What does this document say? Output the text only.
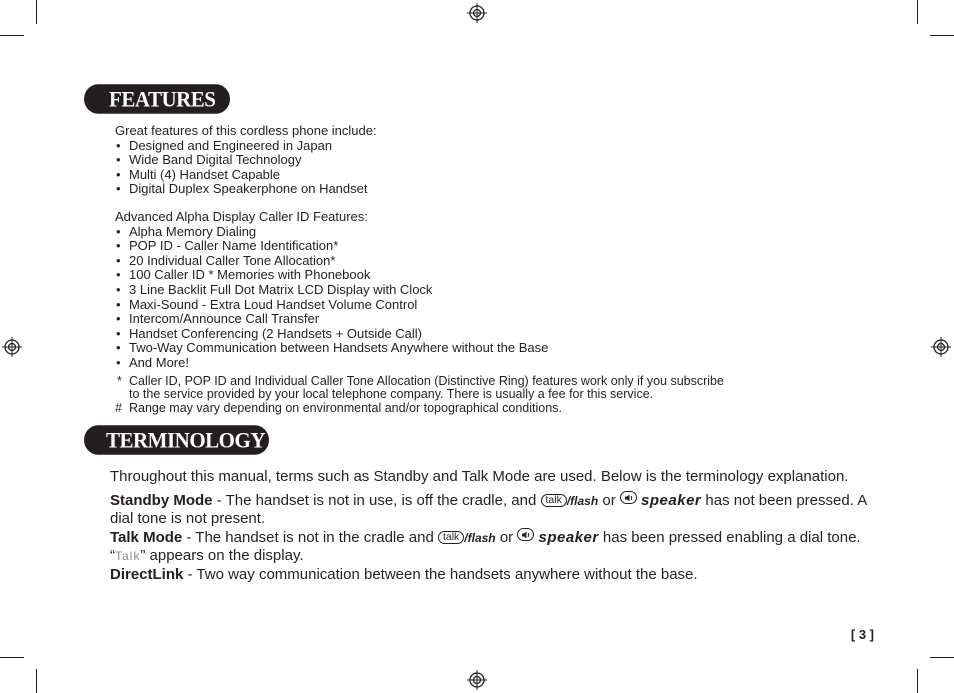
FEATURES

Great features of this cordless phone include:

• Designed and Engineered in Japan
• Wide Band Digital Technology
• Multi (4) Handset Capable
• Digital Duplex Speakerphone on Handset

Advanced Alpha Display Caller ID Features:

• Alpha Memory Dialing
• POP ID - Caller Name Identification*
• 20 Individual Caller Tone Allocation*
• 100 Caller ID * Memories with Phonebook
• 3 Line Backlit Full Dot Matrix LCD Display with Clock
• Maxi-Sound - Extra Loud Handset Volume Control
• Intercom/Announce Call Transfer
• Handset Conferencing (2 Handsets + Outside Call)
• Two-Way Communication between Handsets Anywhere without the Base
• And More!
* Caller ID, POP ID and Individual Caller Tone Allocation (Distinctive Ring) features work only if you subscribe
to the service provided by your local telephone company. There is usually a fee for this service.
# Range may vary depending on environmental and/or topographical conditions.
TERMINOLOGY

Throughout this manual, terms such as Standby and Talk Mode are used. Below is the terminology explanation.

Standby Mode - The handset is not in use, is off the cradle, and talk /flash or speaker has not been pressed. A dial tone is not present.

Talk Mode - The handset is not in the cradle and talk /flash or speaker has been pressed enabling a dial tone. “Talk” appears on the display.

DirectLink - Two way communication between the handsets anywhere without the base.

[ 3 ]
